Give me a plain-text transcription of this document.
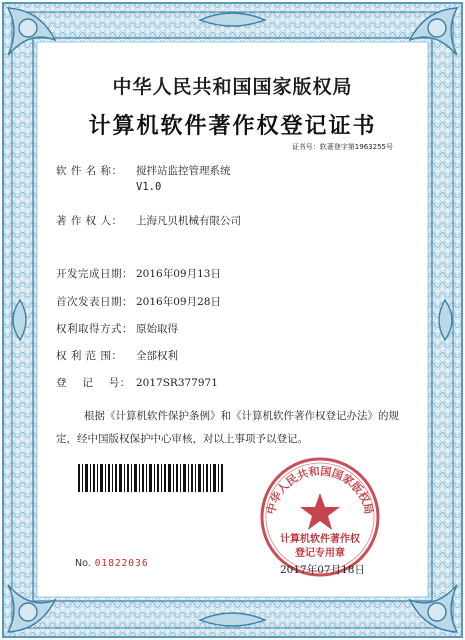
中华人民共和国国家版权局
计算机软件著作权登记证书
证书号：软著登字第1963255号
软 件 名 称： 搅拌站监控管理系统
V1.0
著 作 权 人： 上海凡贝机械有限公司
开发完成日期： 2016年09月13日
首次发表日期： 2016年09月28日
权利取得方式： 原始取得
权 利 范 围： 全部权利
登    记    号： 2017SR377971
根据《计算机软件保护条例》和《计算机软件著作权登记办法》的规定，经中国版权保护中心审核，对以上事项予以登记。
No. 01822036
中华人民共和国国家版权局
计算机软件著作权
登记专用章
2017年07月18日
